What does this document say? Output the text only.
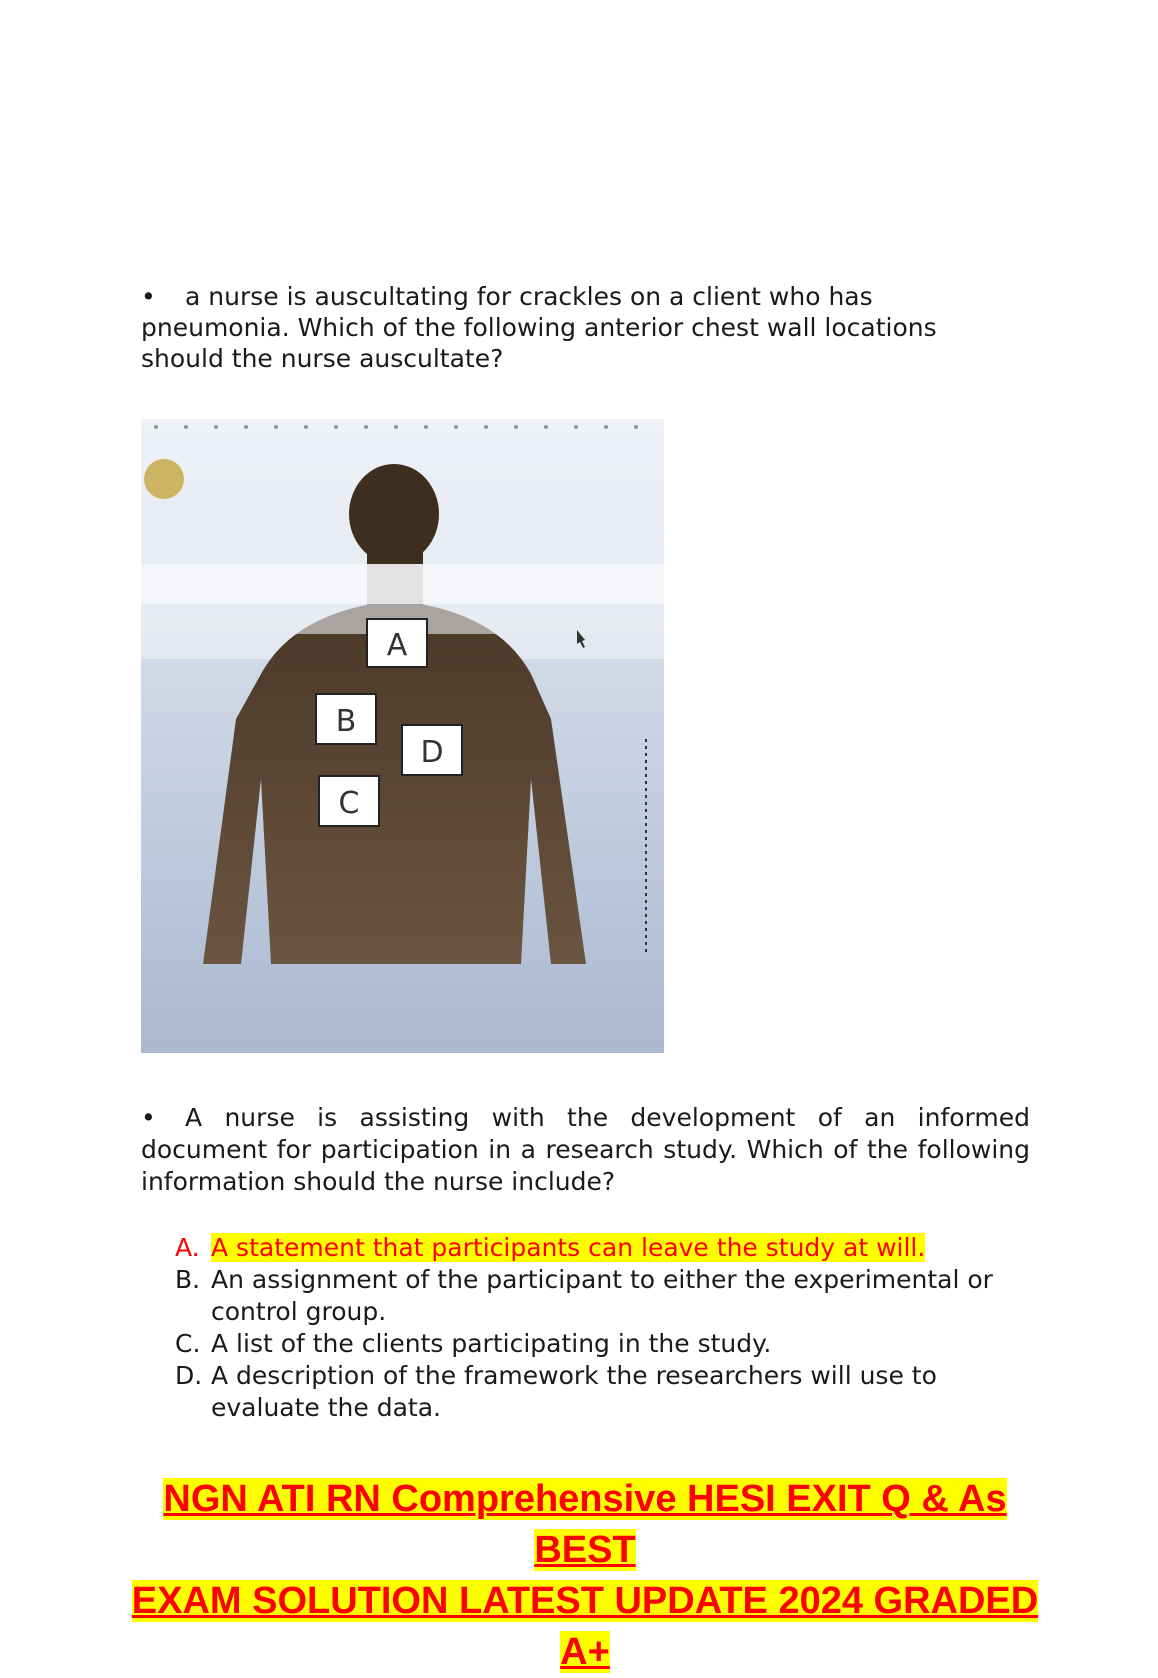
• a nurse is auscultating for crackles on a client who has pneumonia. Which of the following anterior chest wall locations should the nurse auscultate?

A
B
D
C

• A nurse is assisting with the development of an informed document for participation in a research study. Which of the following information should the nurse include?

A. A statement that participants can leave the study at will.
B. An assignment of the participant to either the experimental or control group.
C. A list of the clients participating in the study.
D. A description of the framework the researchers will use to evaluate the data.
NGN ATI RN Comprehensive HESI EXIT Q & As BEST
EXAM SOLUTION LATEST UPDATE 2024 GRADED A+
